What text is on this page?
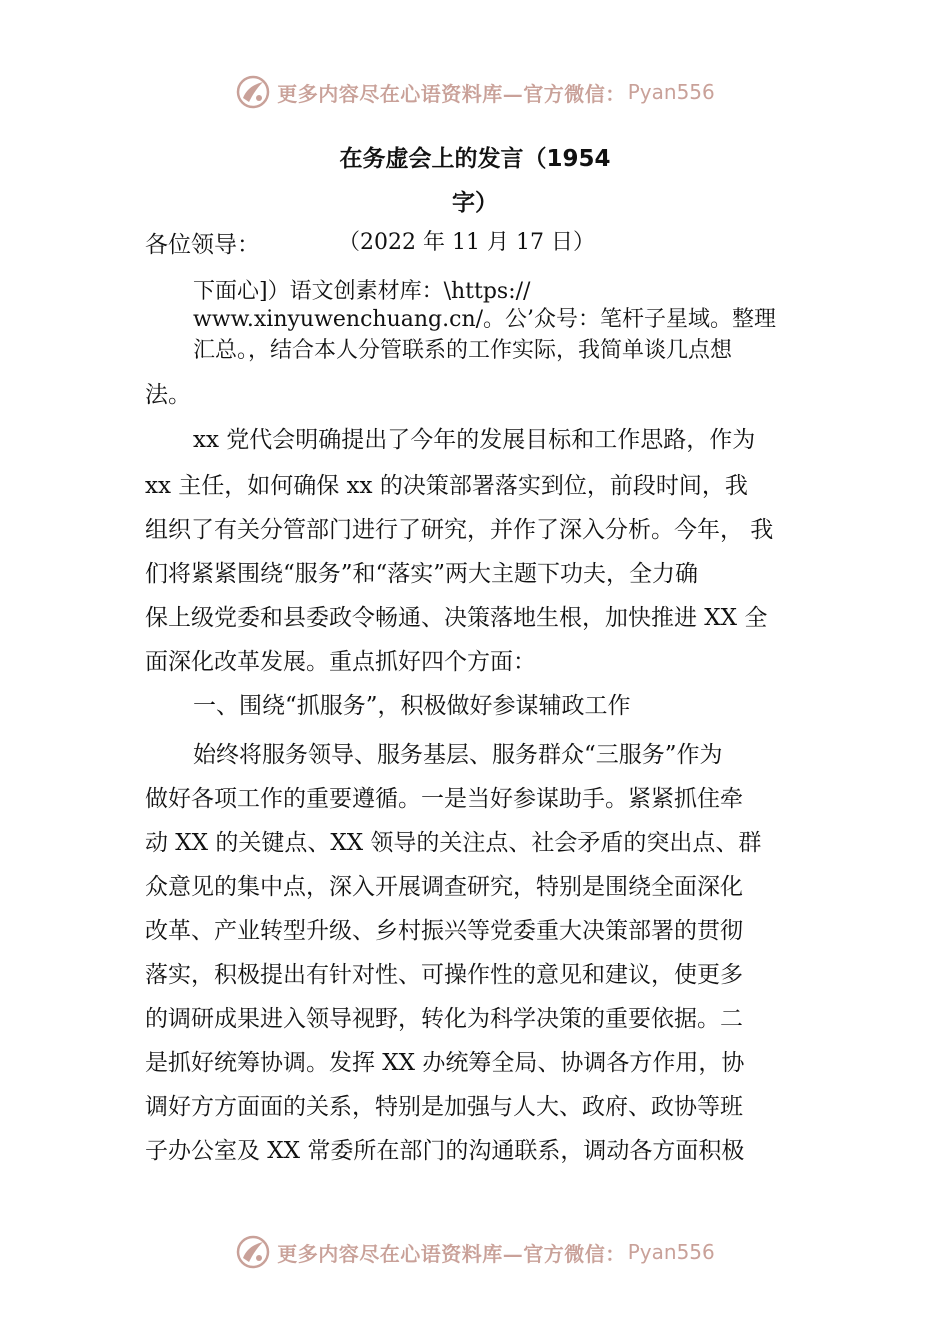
更多内容尽在心语资料库—官方微信： Pyan556
在务虚会上的发言（1954
字）
各位领导：	（2022 年 11 月 17 日）
下面心]）语文创素材库：\https://
www.xinyuwenchuang.cn/。公’众号：笔杆子星域。整理
汇总。，结合本人分管联系的工作实际，我简单谈几点想
法。
xx 党代会明确提出了今年的发展目标和工作思路，作为
xx 主任，如何确保 xx 的决策部署落实到位，前段时间，我
组织了有关分管部门进行了研究，并作了深入分析。今年， 我
们将紧紧围绕“服务”和“落实”两大主题下功夫，全力确
保上级党委和县委政令畅通、决策落地生根，加快推进 XX 全
面深化改革发展。重点抓好四个方面：
一、围绕“抓服务”，积极做好参谋辅政工作
始终将服务领导、服务基层、服务群众“三服务”作为
做好各项工作的重要遵循。一是当好参谋助手。紧紧抓住牵
动 XX 的关键点、XX 领导的关注点、社会矛盾的突出点、群
众意见的集中点，深入开展调查研究，特别是围绕全面深化
改革、产业转型升级、乡村振兴等党委重大决策部署的贯彻
落实，积极提出有针对性、可操作性的意见和建议，使更多
的调研成果进入领导视野，转化为科学决策的重要依据。二
是抓好统筹协调。发挥 XX 办统筹全局、协调各方作用，协
调好方方面面的关系，特别是加强与人大、政府、政协等班
子办公室及 XX 常委所在部门的沟通联系，调动各方面积极
更多内容尽在心语资料库—官方微信： Pyan556
